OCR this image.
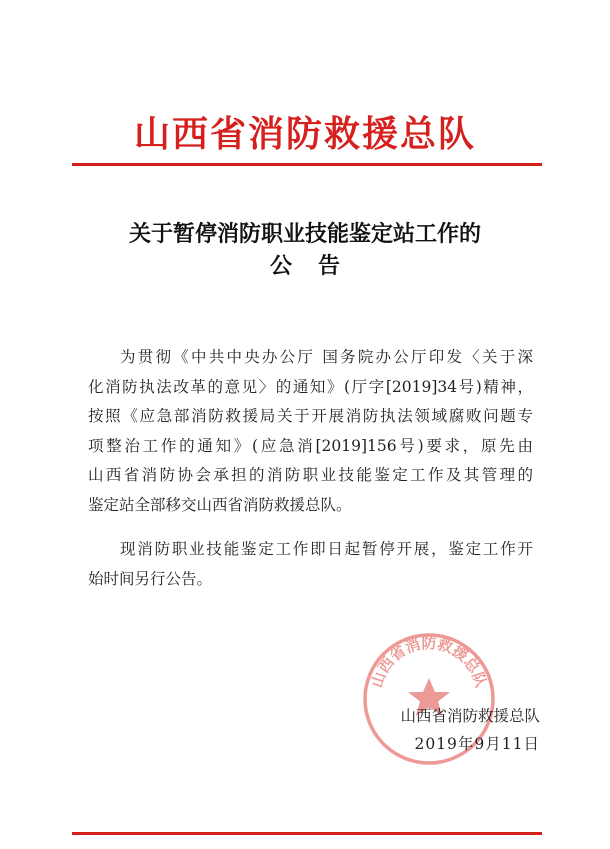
山西省消防救援总队
关于暂停消防职业技能鉴定站工作的
公告
为贯彻《中共中央办公厅 国务院办公厅印发〈关于深
化消防执法改革的意见〉的通知》(厅字[2019]34号)精神，
按照《应急部消防救援局关于开展消防执法领域腐败问题专
项整治工作的通知》(应急消[2019]156号)要求，原先由
山西省消防协会承担的消防职业技能鉴定工作及其管理的
鉴定站全部移交山西省消防救援总队。
现消防职业技能鉴定工作即日起暂停开展，鉴定工作开
始时间另行公告。
山西省消防救援总队
山西省消防救援总队
2019年9月11日
